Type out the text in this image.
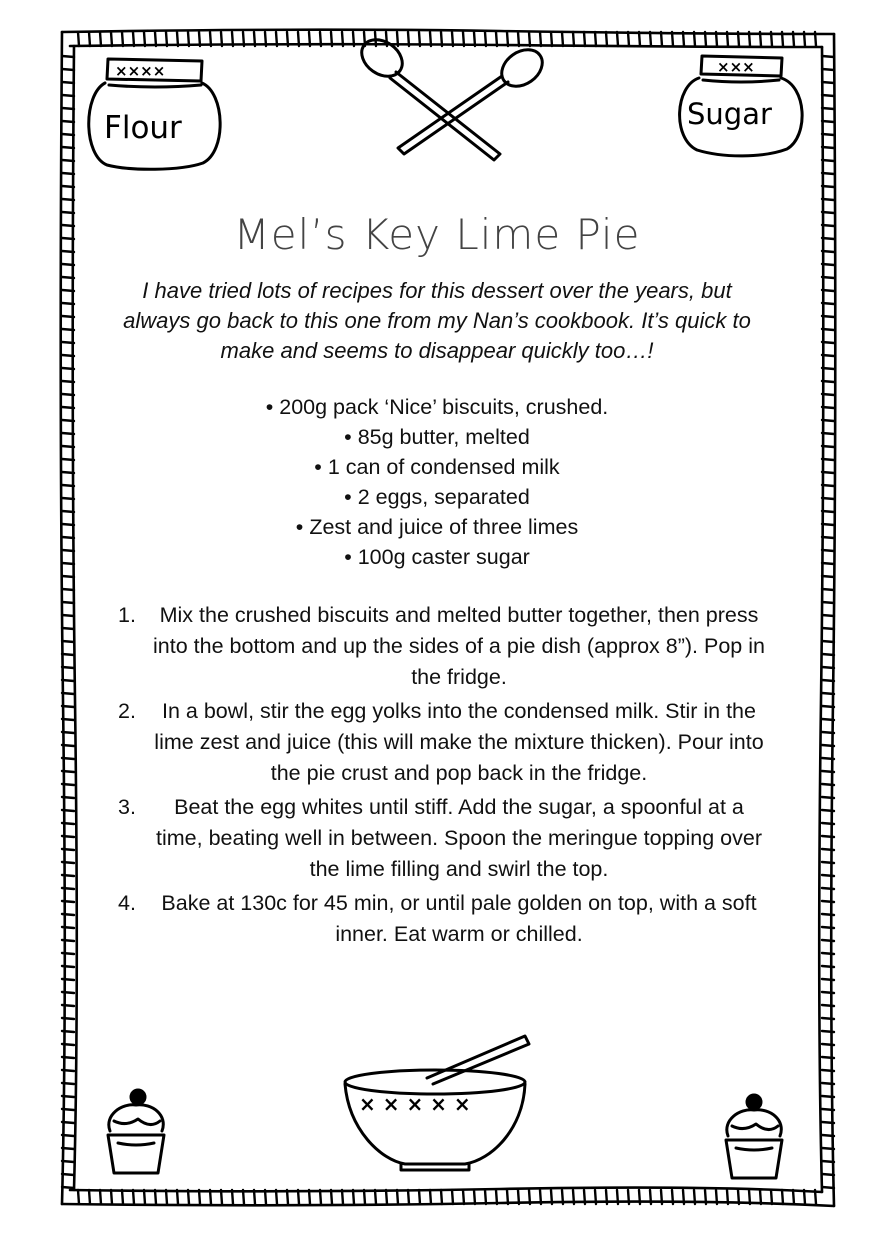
××××
Flour
×××
Sugar
Mel’s Key Lime Pie

I have tried lots of recipes for this dessert over the years, but always go back to this one from my Nan’s cookbook. It’s quick to make and seems to disappear quickly too…!

• 200g pack ‘Nice’ biscuits, crushed.
• 85g butter, melted
• 1 can of condensed milk
• 2 eggs, separated
• Zest and juice of three limes
• 100g caster sugar
1. Mix the crushed biscuits and melted butter together, then press into the bottom and up the sides of a pie dish (approx 8”). Pop in the fridge.
2. In a bowl, stir the egg yolks into the condensed milk. Stir in the lime zest and juice (this will make the mixture thicken). Pour into the pie crust and pop back in the fridge.
3. Beat the egg whites until stiff. Add the sugar, a spoonful at a time, beating well in between. Spoon the meringue topping over the lime filling and swirl the top.
4. Bake at 130c for 45 min, or until pale golden on top, with a soft inner. Eat warm or chilled.
× × × × ×
